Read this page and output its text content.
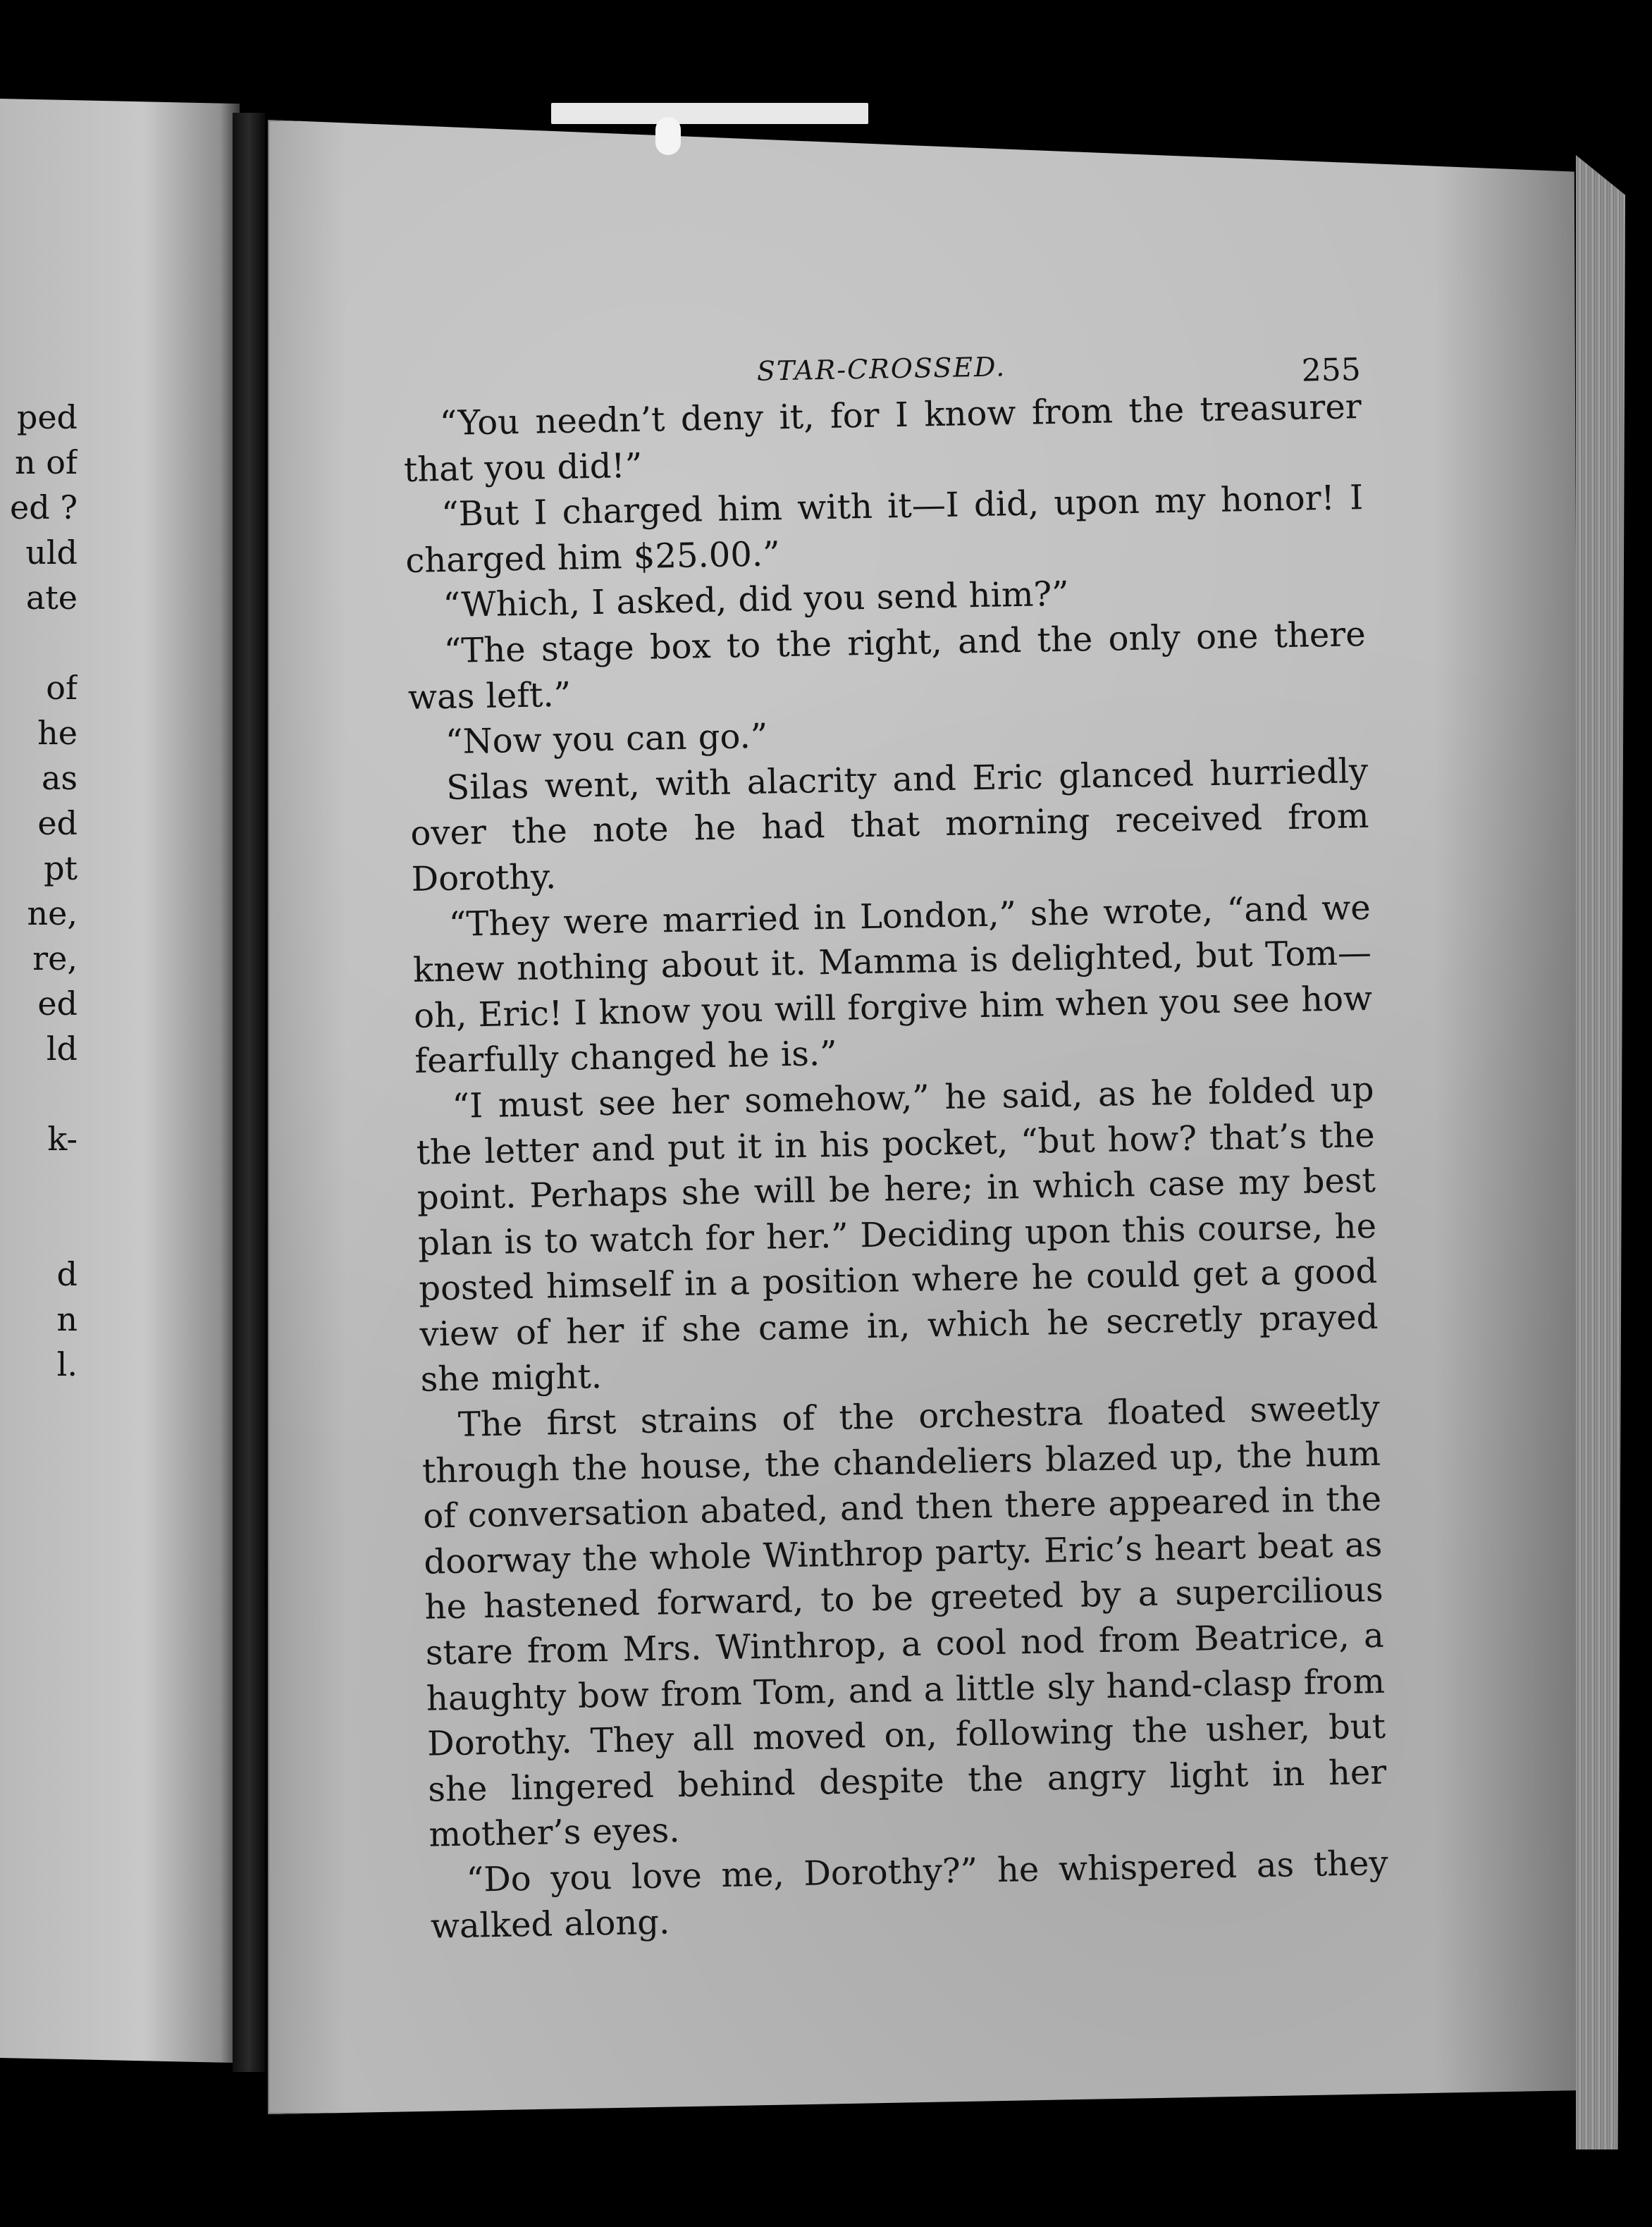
ped
n of
ed ?
uld
ate
of
he
as
ed
pt
ne,
re,
ed
ld
k-
d
n
l.
STAR-CROSSED.	255

“You needn’t deny it, for I know from the treasurer that you did!”

“But I charged him with it—I did, upon my honor! I charged him $25.00.”

“Which, I asked, did you send him?”

“The stage box to the right, and the only one there was left.”

“Now you can go.”

Silas went, with alacrity and Eric glanced hurriedly over the note he had that morning received from Dorothy.

“They were married in London,” she wrote, “and we knew nothing about it. Mamma is delighted, but Tom—oh, Eric! I know you will forgive him when you see how fearfully changed he is.”

“I must see her somehow,” he said, as he folded up the letter and put it in his pocket, “but how? that’s the point. Perhaps she will be here; in which case my best plan is to watch for her.” Deciding upon this course, he posted himself in a position where he could get a good view of her if she came in, which he secretly prayed she might.

The first strains of the orchestra floated sweetly through the house, the chandeliers blazed up, the hum of conversation abated, and then there appeared in the doorway the whole Winthrop party. Eric’s heart beat as he hastened forward, to be greeted by a supercilious stare from Mrs. Winthrop, a cool nod from Beatrice, a haughty bow from Tom, and a little sly hand-clasp from Dorothy. They all moved on, following the usher, but she lingered behind despite the angry light in her mother’s eyes.

“Do you love me, Dorothy?” he whispered as they walked along.
